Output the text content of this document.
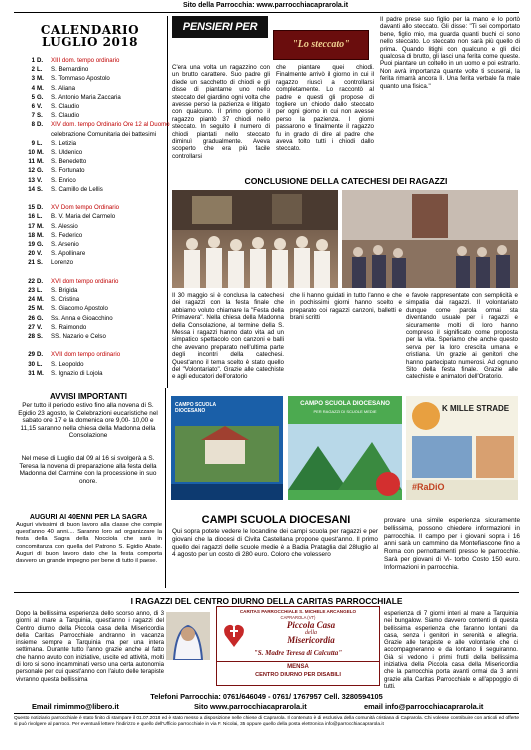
Sito della Parrocchia: www.parrocchiacaprarola.it
CALENDARIO
LUGLIO 2018
PENSIERI PER ADULTI	"Lo steccato"
C'era una volta un ragazzino con un brutto carattere. Suo padre gli diede un sacchetto di chiodi e gli disse di piantarne uno nello steccato del giardino ogni volta che avesse perso la pazienza e litigato con qualcuno. Il primo giorno il ragazzo piantò 37 chiodi nello steccato. In seguito il numero di chiodi piantati nello steccato diminuì gradualmente. Aveva scoperto che era più facile controllarsi
che piantare quei chiodi. Finalmente arrivò il giorno in cui il ragazzo riuscì a controllarsi completamente. Lo raccontò al padre e questi gli propose di togliere un chiodo dallo steccato per ogni giorno in cui non avesse perso la pazienza. I giorni passarono e finalmente il ragazzo fu in grado di dire al padre che aveva tolto tutti i chiodi dallo steccato.
Il padre prese suo figlio per la mano e lo portò davanti allo steccato. Gli disse: "Ti sei comportato bene, figlio mio, ma guarda quanti buchi ci sono nello steccato. Lo steccato non sarà più quello di prima. Quando litighi con qualcuno e gli dici qualcosa di brutto, gli lasci una ferita come queste. Puoi piantare un coltello in un uomo e poi estrarlo. Non avrà importanza quante volte ti scuserai, la ferita rimarrà ancora lì. Una ferita verbale fa male quanto una fisica."
CONCLUSIONE DELLA CATECHESI DEI RAGAZZI
Il 30 maggio si è conclusa la catechesi dei ragazzi con la festa finale che abbiamo voluto chiamare la "Festa della Primavera". Nella chiesa della Madonna della Consolazione, al termine della S. Messa i ragazzi hanno dato vita ad un simpatico spettacolo con canzoni e balli che avevano preparato nell'ultima parte degli incontri della catechesi. Quest'anno il tema scelto è stato quello del "Volontariato". Grazie alle catechiste e agli educatori dell'oratorio
che li hanno guidati in tutto l'anno e che in pochissimi giorni hanno scelto e preparato coi ragazzi canzoni, balletti e brani scritti
e favole rappresentate con semplicità e simpatia dai ragazzi. Il volontariato dunque come parola ormai sta diventando usuale per i ragazzi e sicuramente molti di loro hanno compreso il significato come proposta per la vita. Speriamo che anche questo serva per la loro crescita umana e cristiana. Un grazie ai genitori che hanno partecipato numerosi. Ad ognuno Sito della festa finale. Grazie alle catechiste e animatori dell'Oratorio.
AVVISI IMPORTANTI
Per tutto il periodo estivo fino alla novena di S. Egidio 23 agosto, le Celebrazioni eucaristiche nel sabato ore 17 e la domenica ore 9,00- 10,00 e 11,15 saranno nella chiesa della Madonna della Consolazione
Nel mese di Luglio dal 09 al 16 si svolgerà a S. Teresa la novena di preparazione alla festa della Madonna del Carmine con la processione in suo onore.
AUGURI AI 40ENNI PER LA SAGRA
Auguri vivissimi di buon lavoro alla classe che compie quest'anno 40 anni.... Saranno loro ad organizzare la festa della Sagra della Nocciola che sarà in concomitanza con quella del Patrono S. Egidio Abate. Auguri di buon lavoro dato che la festa comporta davvero un grande impegno per bene di tutto il paese.
CAMPO SCUOLA DIOCESANO
CAMPO SCUOLA DIOCESANO
PER RAGAZZI DI SCUOLE MEDIE	K MILLE STRADE
#RaDiO
CAMPI SCUOLA DIOCESANI
Qui sopra potete vedere le locandine dei campi scuola per ragazzi e per giovani che la diocesi di Civita Castellana propone quest'anno. Il primo quello dei ragazzi delle scuole medie è a Badia Prataglia dal 28luglio al 4 agosto per un costo di 280 euro. Coloro che volessero
provare una simile esperienza sicuramente bellissima, possono chiedere informazioni in parrocchia. Il campo per i giovani sopra i 16 anni sarà un cammino da Montefiascone fino a Roma con pernottamenti presso le parrocchie. Sarà per giovani di Vi- torbo Costo 150 euro. Informazioni in parrocchia.
I RAGAZZI DEL CENTRO DIURNO DELLA CARITAS PARROCCHIALE
Dopo la bellissima esperienza dello scorso anno, di 3 giorni al mare a Tarquinia, quest'anno i ragazzi del Centro diurno della Piccola casa della Misericordia della Caritas Parrocchiale andranno in vacanza insieme sempre a Tarquinia ma per una intera settimana. Durante tutto l'anno grazie anche al fatto che hanno avuto con iniziative, uscite ed attività, molti di loro si sono incamminati verso una certa autonomia personale per cui quest'anno con l'aiuto delle terapiste vivranno questa bellissima
esperienza di 7 giorni interi al mare a Tarquinia nei bungalow. Siamo davvero contenti di questa bellissima esperienza che faranno lontani da casa, senza i genitori in serenità e allegria. Grazie alle terapiste e alle volontarie che ci accompagneranno e da lontano li seguiranno. Già si vedono i primi frutti della bellissima iniziativa della Piccola casa della Misericordia che la parrocchia porta avanti ormai da 3 anni grazie alla Caritas Parrocchiale e all'appoggio di tutti.
CARITAS PARROCCHIALE S. MICHELE ARCANGELO
CAPRAROLA (VT)
Piccola Casa
della
Misericordia
"S. Madre Teresa di Calcutta"
MENSA
CENTRO DIURNO PER DISABILI
Telefoni Parrocchia: 0761/646049 - 0761/ 1767957 Cell. 3280594105
Email rimimmo@libero.it	Sito www.parrocchiacaprarola.it	email info@parrocchiacaprarola.it
Questo notiziario parrocchiale è stato finito di stampare il 01.07.2018 ed è stato messo a disposizione nelle chiese di Caprarola. Il contenuto è di esclusiva della comunità cristiana di Caprarola. Chi volesse contribuire con articoli ed offerte si può rivolgere al parroco. Per eventuali lettere l'indirizzo e quello dell'Ufficio parrocchiale in via F. Nicolai, 35 oppure quello della posta elettronica info@parrocchiacaprarola.it
1 D. XIII dom. tempo ordinario
2 L. S. Bernardino
3 M. S. Tommaso Apostolo
4 M. S. Aliana
5 G. S. Antonio Maria Zaccaria
6 V. S. Claudio
7 S. S. Claudio
8 D. XIV dom. tempo Ordinario Ore 12 al Duomo
celebrazione Comunitaria dei battesimi
9 L. S. Letizia
10 M. S. Uldenico
11 M. S. Benedetto
12 G. S. Fortunato
13 V. S. Enrico
14 S. S. Camillo de Lellis
15 D. XV Dom tempo Ordinario
16 L. B. V. Maria del Carmelo
17 M. S. Alessio
18 M. S. Federico
19 G. S. Arsenio
20 V. S. Apollinare
21 S. Lorenzo
22 D. XVI dom tempo ordinario
23 L. S. Brigida
24 M. S. Cristina
25 M. S. Giacomo Apostolo
26 G. Ss. Anna e Gioacchino
27 V. S. Raimondo
28 S. SS. Nazario e Celso
29 D. XVII dom tempo ordinario
30 L. S. Leopoldo
31 M. S. Ignazio di Lojola
